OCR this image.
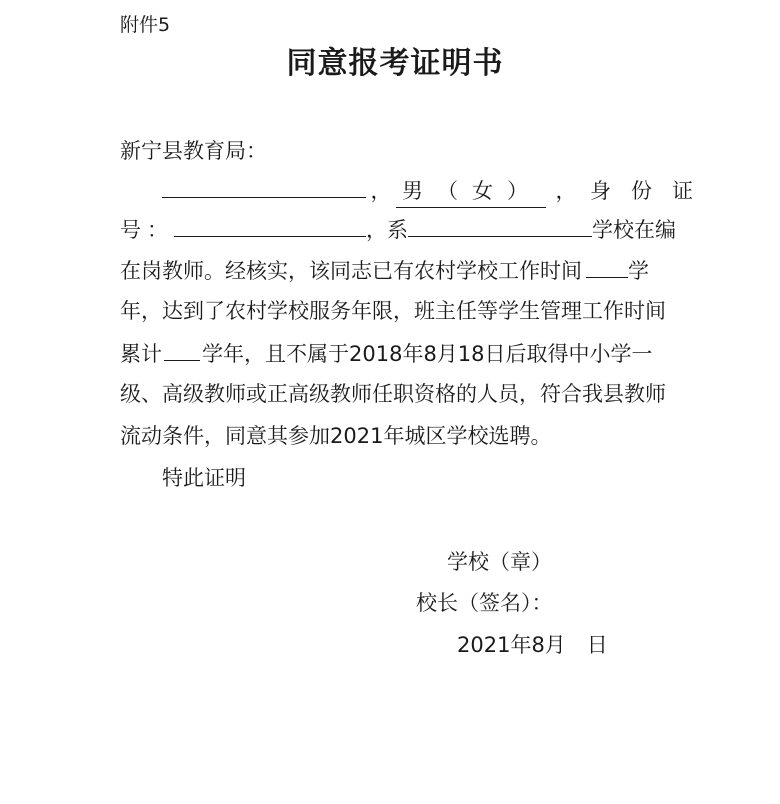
附件5
同意报考证明书
新宁县教育局：
， 男（女） ， 身份证
号：	，系	学校在编
在岗教师。经核实，该同志已有农村学校工作时间 学
年，达到了农村学校服务年限，班主任等学生管理工作时间
累计 学年，且不属于2018年8月18日后取得中小学一
级、高级教师或正高级教师任职资格的人员，符合我县教师
流动条件，同意其参加2021年城区学校选聘。
特此证明
学校（章）
校长（签名）：
2021年8月　日
